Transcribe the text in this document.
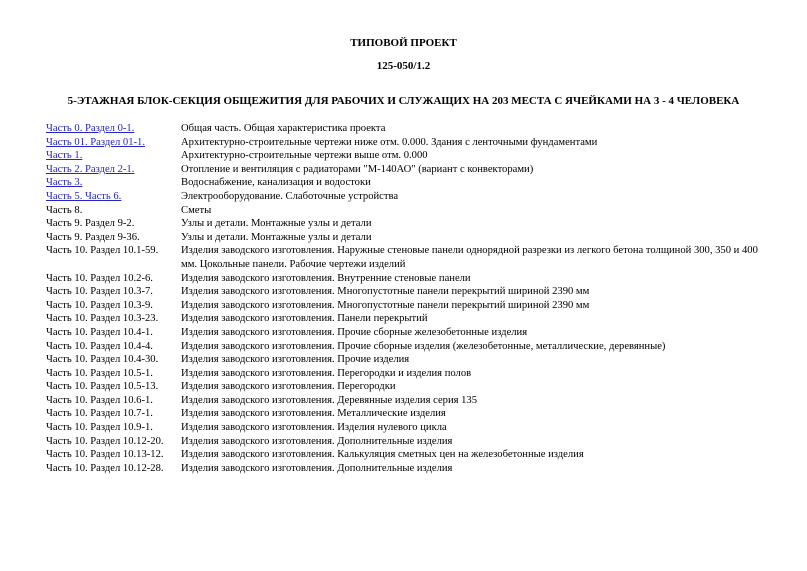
ТИПОВОЙ ПРОЕКТ
125-050/1.2
5-ЭТАЖНАЯ БЛОК-СЕКЦИЯ ОБЩЕЖИТИЯ ДЛЯ РАБОЧИХ И СЛУЖАЩИХ НА 203 МЕСТА С ЯЧЕЙКАМИ НА 3 - 4 ЧЕЛОВЕКА
Часть 0. Раздел 0-1.	Общая часть. Общая характеристика проекта
Часть 01. Раздел 01-1.	Архитектурно-строительные чертежи ниже отм. 0.000. Здания с ленточными фундаментами
Часть 1.	Архитектурно-строительные чертежи выше отм. 0.000
Часть 2. Раздел 2-1.	Отопление и вентиляция с радиаторами "М-140АО" (вариант с конвекторами)
Часть 3.	Водоснабжение, канализация и водостоки
Часть 5. Часть 6.	Электрооборудование. Слаботочные устройства
Часть 8.	Сметы
Часть 9. Раздел 9-2.	Узлы и детали. Монтажные узлы и детали
Часть 9. Раздел 9-36.	Узлы и детали. Монтажные узлы и детали
Часть 10. Раздел 10.1-59.	Изделия заводского изготовления. Наружные стеновые панели однорядной разрезки из легкого бетона толщиной 300, 350 и 400 мм. Цокольные панели. Рабочие чертежи изделий
Часть 10. Раздел 10.2-6.	Изделия заводского изготовления. Внутренние стеновые панели
Часть 10. Раздел 10.3-7.	Изделия заводского изготовления. Многопустотные панели перекрытий шириной 2390 мм
Часть 10. Раздел 10.3-9.	Изделия заводского изготовления. Многопустотные панели перекрытий шириной 2390 мм
Часть 10. Раздел 10.3-23.	Изделия заводского изготовления. Панели перекрытий
Часть 10. Раздел 10.4-1.	Изделия заводского изготовления. Прочие сборные железобетонные изделия
Часть 10. Раздел 10.4-4.	Изделия заводского изготовления. Прочие сборные изделия (железобетонные, металлические, деревянные)
Часть 10. Раздел 10.4-30.	Изделия заводского изготовления. Прочие изделия
Часть 10. Раздел 10.5-1.	Изделия заводского изготовления. Перегородки и изделия полов
Часть 10. Раздел 10.5-13.	Изделия заводского изготовления. Перегородки
Часть 10. Раздел 10.6-1.	Изделия заводского изготовления. Деревянные изделия серия 135
Часть 10. Раздел 10.7-1.	Изделия заводского изготовления. Металлические изделия
Часть 10. Раздел 10.9-1.	Изделия заводского изготовления. Изделия нулевого цикла
Часть 10. Раздел 10.12-20.	Изделия заводского изготовления. Дополнительные изделия
Часть 10. Раздел 10.13-12.	Изделия заводского изготовления. Калькуляция сметных цен на железобетонные изделия
Часть 10. Раздел 10.12-28.	Изделия заводского изготовления. Дополнительные изделия
